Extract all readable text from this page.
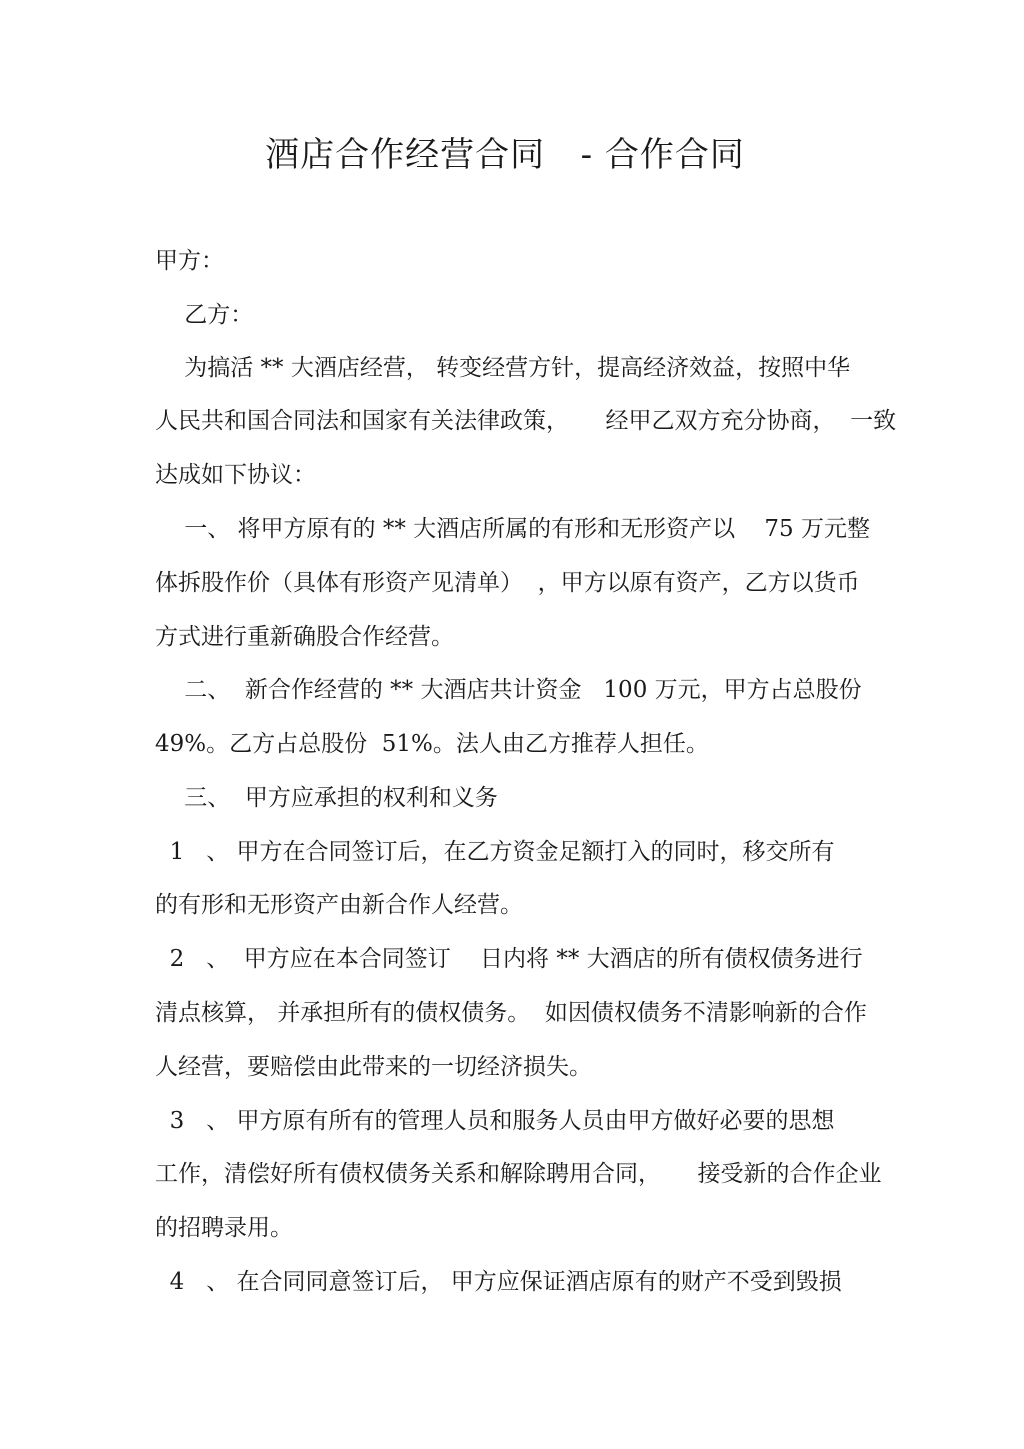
酒店合作经营合同   - 合作合同
甲方：
乙方：
为搞活 ** 大酒店经营， 转变经营方针，提高经济效益，按照中华
人民共和国合同法和国家有关法律政策，     经甲乙双方充分协商，  一致
达成如下协议：
一、 将甲方原有的 ** 大酒店所属的有形和无形资产以    75 万元整
体拆股作价（具体有形资产见清单）  ，甲方以原有资产，乙方以货币
方式进行重新确股合作经营。
二、  新合作经营的 ** 大酒店共计资金   100 万元，甲方占总股份
49%。乙方占总股份  51%。法人由乙方推荐人担任。
三、  甲方应承担的权利和义务
1   、 甲方在合同签订后，在乙方资金足额打入的同时，移交所有
的有形和无形资产由新合作人经营。
2   、  甲方应在本合同签订    日内将 ** 大酒店的所有债权债务进行
清点核算， 并承担所有的债权债务。  如因债权债务不清影响新的合作
人经营，要赔偿由此带来的一切经济损失。
3   、 甲方原有所有的管理人员和服务人员由甲方做好必要的思想
工作，清偿好所有债权债务关系和解除聘用合同，     接受新的合作企业
的招聘录用。
4   、 在合同同意签订后， 甲方应保证酒店原有的财产不受到毁损
